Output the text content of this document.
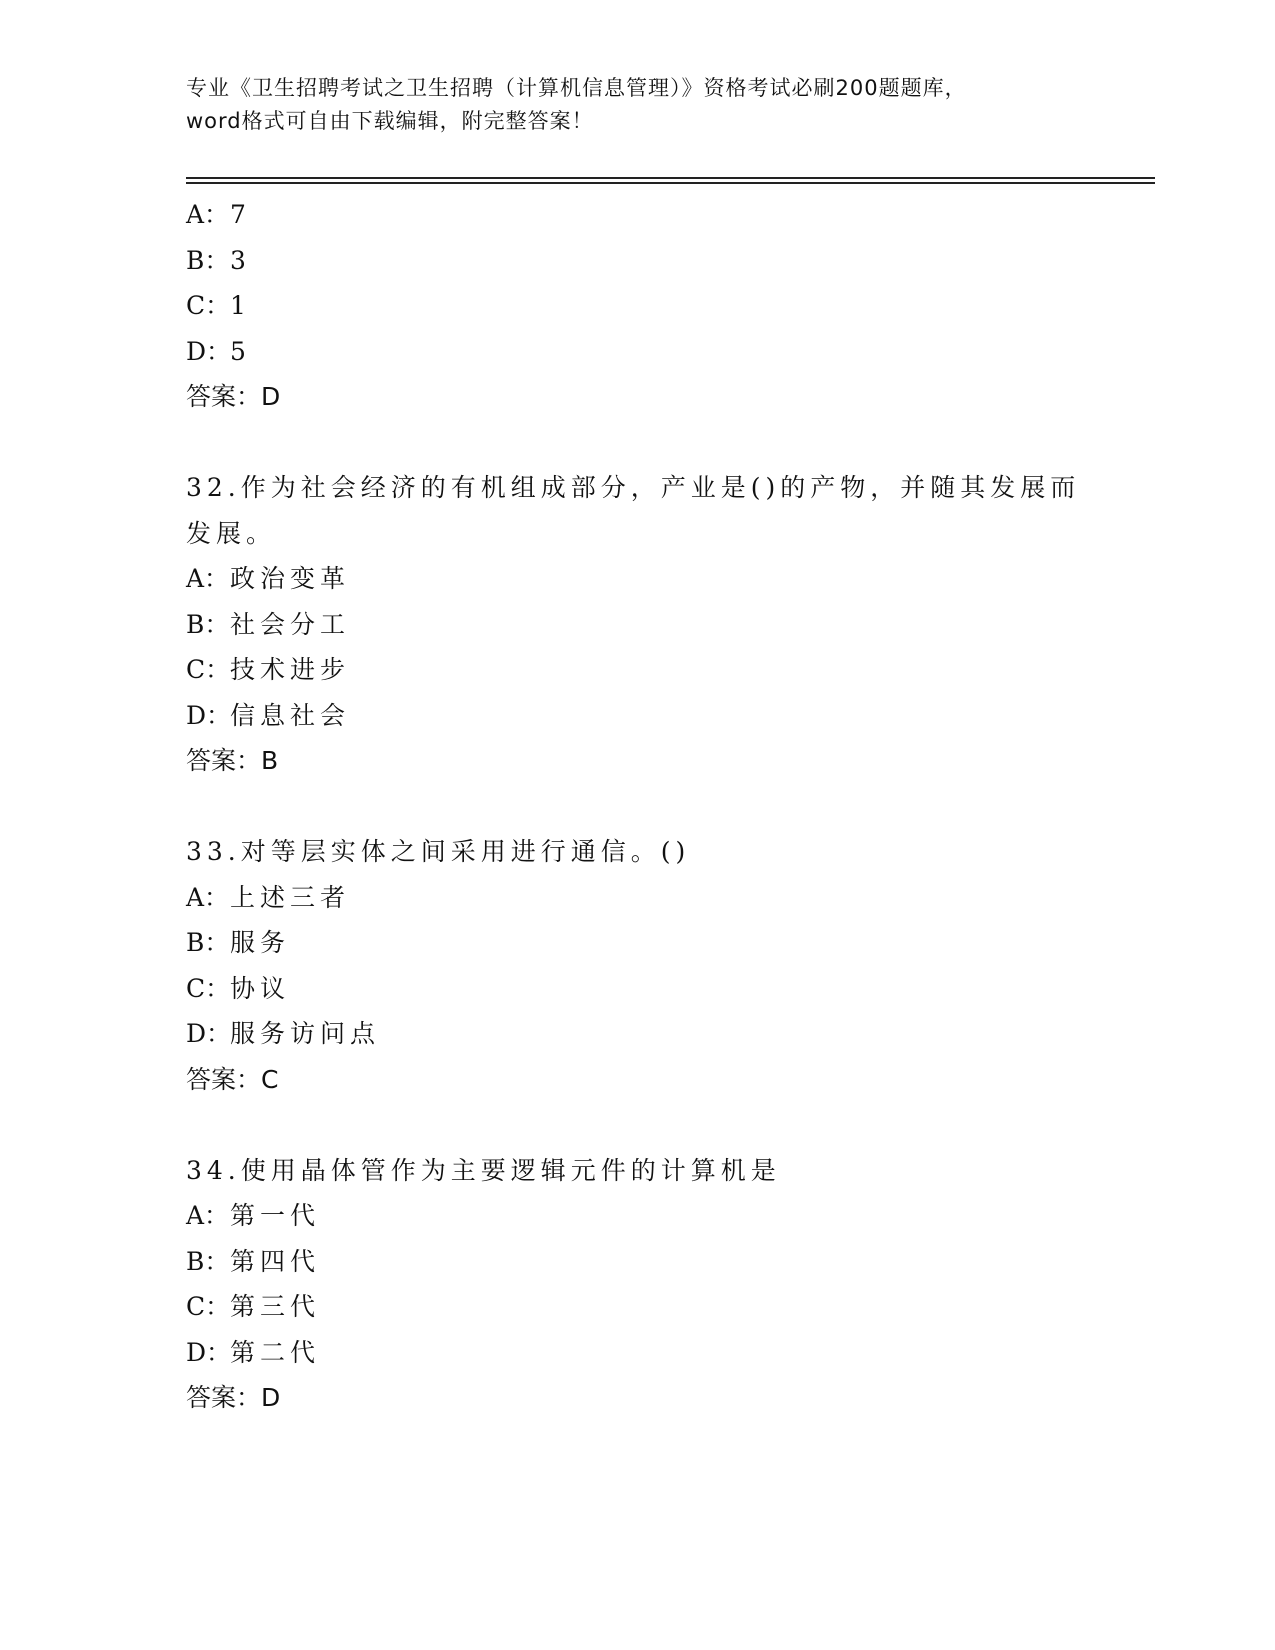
专业《卫生招聘考试之卫生招聘（计算机信息管理）》资格考试必刷200题题库，
word格式可自由下载编辑，附完整答案！
A： 7
B： 3
C： 1
D：
5
答案：D
32.作为社会经济的有机组成部分，产业是()的产物，并随其发展而发展。
A： 政治变革
B： 社会分工
C： 技术进步
D：
信息社会
答案：B
33.对等层实体之间采用进行通信。()
A： 上述三者
B： 服务
C： 协议
D：
服务访问点
答案：C
34.使用晶体管作为主要逻辑元件的计算机是
A： 第一代
B： 第四代
C： 第三代
D：
第二代
答案：D
